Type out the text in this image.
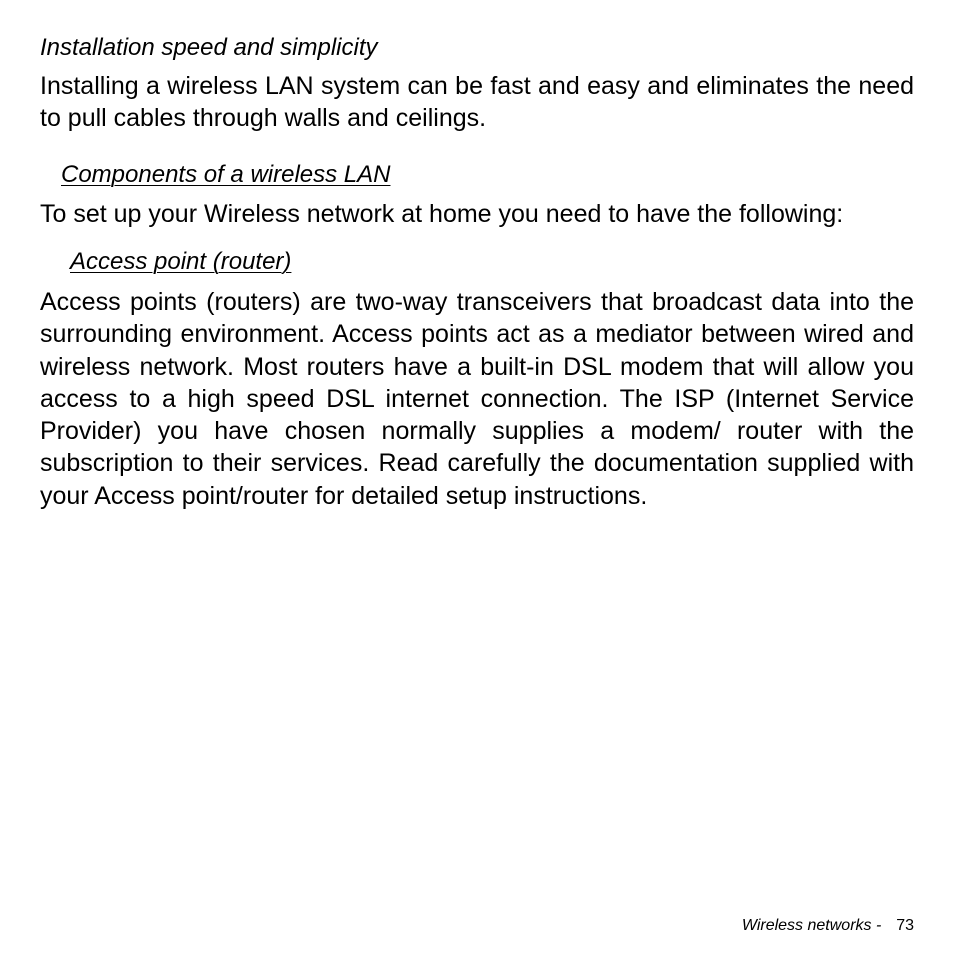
Installation speed and simplicity
Installing a wireless LAN system can be fast and easy and eliminates the need to pull cables through walls and ceilings.
Components of a wireless LAN
To set up your Wireless network at home you need to have the following:
Access point (router)
Access points (routers) are two-way transceivers that broadcast data into the surrounding environment. Access points act as a mediator between wired and wireless network. Most routers have a built-in DSL modem that will allow you access to a high speed DSL internet connection. The ISP (Internet Service Provider) you have chosen normally supplies a modem/ router with the subscription to their services. Read carefully the documentation supplied with your Access point/router for detailed setup instructions.
Wireless networks - 73
